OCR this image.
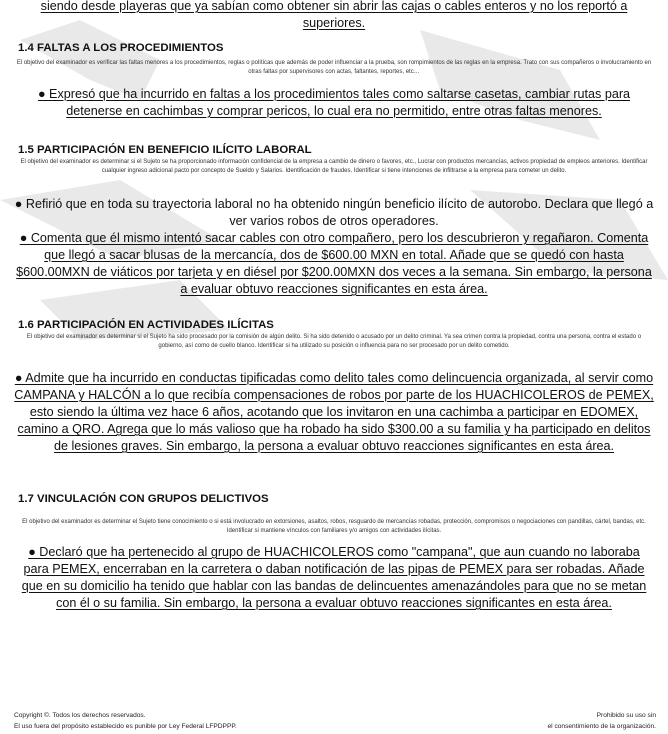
siendo desde playeras que ya sabían como obtener sin abrir las cajas o cables enteros y no los reportó a superiores.
1.4 FALTAS A LOS PROCEDIMIENTOS
El objetivo del examinador es verificar las faltas menores a los procedimientos, reglas o políticas que además de poder influenciar a la prueba, son rompimientos de las reglas en la empresa. Trato con sus compañeros o involucramiento en otras faltas por supervisores con actas, faltantes, reportes, etc…
● Expresó que ha incurrido en faltas a los procedimientos tales como saltarse casetas, cambiar rutas para detenerse en cachimbas y comprar pericos, lo cual era no permitido, entre otras faltas menores.
1.5 PARTICIPACIÓN EN BENEFICIO ILÍCITO LABORAL
El objetivo del examinador es determinar si el Sujeto se ha proporcionado información confidencial de la empresa a cambio de dinero o favores, etc., Lucrar con productos mercancías, activos propiedad de empleos anteriores. Identificar cualquier ingreso adicional pacto por concepto de Sueldo y Salarios. Identificación de fraudes. Identificar si tiene intenciones de infiltrarse a la empresa para cometer un delito.
● Refirió que en toda su trayectoria laboral no ha obtenido ningún beneficio ilícito de autorobo. Declara que llegó a ver varios robos de otros operadores.
● Comenta que él mismo intentó sacar cables con otro compañero, pero los descubrieron y regañaron. Comenta que llegó a sacar blusas de la mercancía, dos de $600.00 MXN en total. Añade que se quedó con hasta $600.00MXN de viáticos por tarjeta y en diésel por $200.00MXN dos veces a la semana. Sin embargo, la persona a evaluar obtuvo reacciones significantes en esta área.
1.6 PARTICIPACIÓN EN ACTIVIDADES ILÍCITAS
El objetivo del examinador es determinar si el Sujeto ha sido procesado por la comisión de algún delito. Si ha sido detenido o acusado por un delito criminal. Ya sea crimen contra la propiedad, contra una persona, contra el estado o gobierno, así como de cuello blanco. Identificar si ha utilizado su posición o influencia para no ser procesado por un delito cometido.
● Admite que ha incurrido en conductas tipificadas como delito tales como delincuencia organizada, al servir como CAMPANA y HALCÓN a lo que recibía compensaciones de robos por parte de los HUACHICOLEROS de PEMEX, esto siendo la última vez hace 6 años, acotando que los invitaron en una cachimba a participar en EDOMEX, camino a QRO. Agrega que lo más valioso que ha robado ha sido $300.00 a su familia y ha participado en delitos de lesiones graves. Sin embargo, la persona a evaluar obtuvo reacciones significantes en esta área.
1.7 VINCULACIÓN CON GRUPOS DELICTIVOS
El objetivo del examinador es determinar el Sujeto tiene conocimiento o si está involucrado en extorsiones, asaltos, robos, resguardo de mercancías robadas, protección, compromisos o negociaciones con pandillas, cártel, bandas, etc. Identificar si mantiene vínculos con familiares y/o amigos con actividades ilícitas.
● Declaró que ha pertenecido al grupo de HUACHICOLEROS como "campana", que aun cuando no laboraba para PEMEX, encerraban en la carretera o daban notificación de las pipas de PEMEX para ser robadas. Añade que en su domicilio ha tenido que hablar con las bandas de delincuentes amenazándoles para que no se metan con él o su familia. Sin embargo, la persona a evaluar obtuvo reacciones significantes en esta área.
Copyright ©. Todos los derechos reservados.
El uso fuera del propósito establecido es punible por Ley Federal LFPDPPP.
Prohibido su uso sin
el consentimiento de la organización.
